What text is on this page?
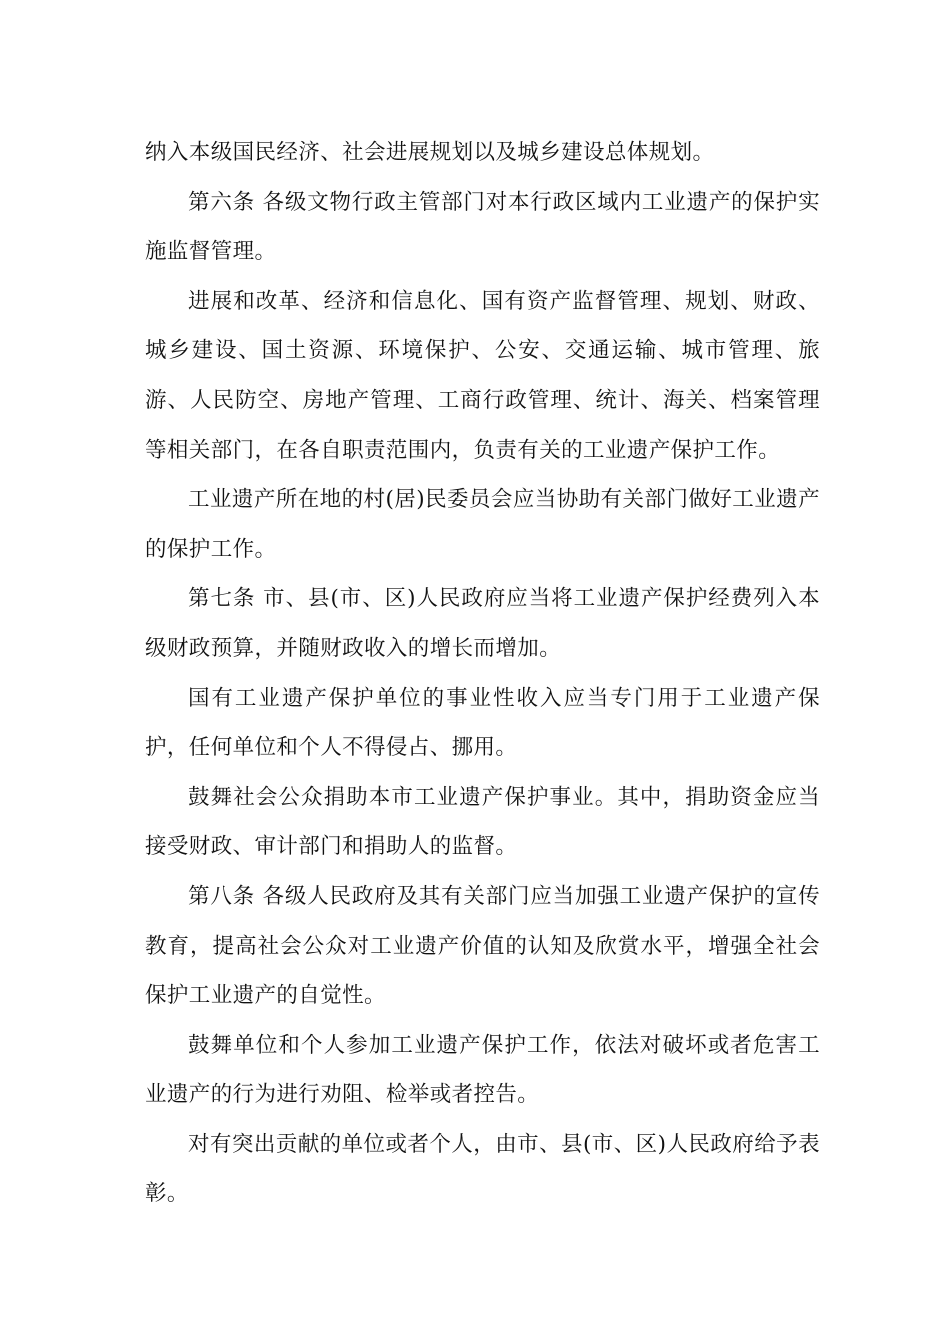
纳入本级国民经济、社会进展规划以及城乡建设总体规划。

第六条 各级文物行政主管部门对本行政区域内工业遗产的保护实施监督管理。

进展和改革、经济和信息化、国有资产监督管理、规划、财政、城乡建设、国土资源、环境保护、公安、交通运输、城市管理、旅游、人民防空、房地产管理、工商行政管理、统计、海关、档案管理等相关部门，在各自职责范围内，负责有关的工业遗产保护工作。

工业遗产所在地的村(居)民委员会应当协助有关部门做好工业遗产的保护工作。

第七条 市、县(市、区)人民政府应当将工业遗产保护经费列入本级财政预算，并随财政收入的增长而增加。

国有工业遗产保护单位的事业性收入应当专门用于工业遗产保护，任何单位和个人不得侵占、挪用。

鼓舞社会公众捐助本市工业遗产保护事业。其中，捐助资金应当接受财政、审计部门和捐助人的监督。

第八条 各级人民政府及其有关部门应当加强工业遗产保护的宣传教育，提高社会公众对工业遗产价值的认知及欣赏水平，增强全社会保护工业遗产的自觉性。

鼓舞单位和个人参加工业遗产保护工作，依法对破坏或者危害工业遗产的行为进行劝阻、检举或者控告。

对有突出贡献的单位或者个人，由市、县(市、区)人民政府给予表彰。
